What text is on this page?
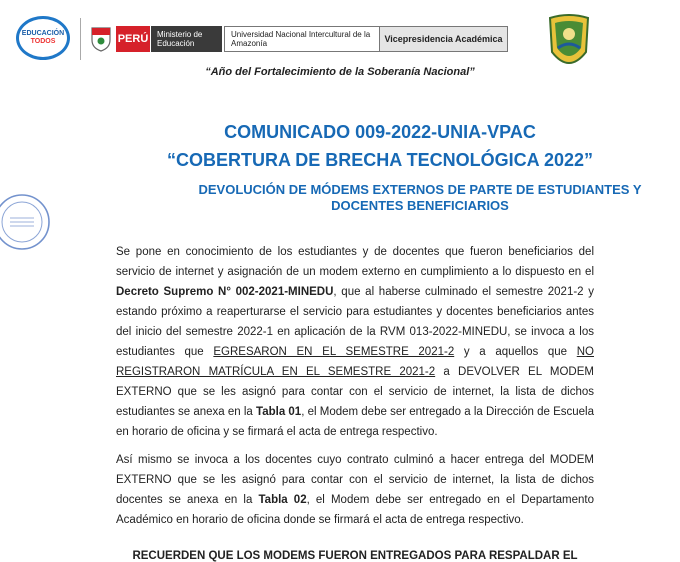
EDUCACIÓN
TODOS	PERÚ	Ministerio de Educación
Universidad Nacional Intercultural de la Amazonía	Vicepresidencia Académica
“Año del Fortalecimiento de la Soberanía Nacional”
COMUNICADO 009-2022-UNIA-VPAC
“COBERTURA DE BRECHA TECNOLÓGICA 2022”
DEVOLUCIÓN DE MÓDEMS EXTERNOS DE PARTE DE ESTUDIANTES Y DOCENTES BENEFICIARIOS
Se pone en conocimiento de los estudiantes y de docentes que fueron beneficiarios del servicio de internet y asignación de un modem externo en cumplimiento a lo dispuesto en el Decreto Supremo N° 002-2021-MINEDU, que al haberse culminado el semestre 2021-2 y estando próximo a reaperturarse el servicio para estudiantes y docentes beneficiarios antes del inicio del semestre 2022-1 en aplicación de la RVM 013-2022-MINEDU, se invoca a los estudiantes que EGRESARON EN EL SEMESTRE 2021-2 y a aquellos que NO REGISTRARON MATRÍCULA EN EL SEMESTRE 2021-2 a DEVOLVER EL MODEM EXTERNO que se les asignó para contar con el servicio de internet, la lista de dichos estudiantes se anexa en la Tabla 01, el Modem debe ser entregado a la Dirección de Escuela en horario de oficina y se firmará el acta de entrega respectivo.
Así mismo se invoca a los docentes cuyo contrato culminó a hacer entrega del MODEM EXTERNO que se les asignó para contar con el servicio de internet, la lista de dichos docentes se anexa en la Tabla 02, el Modem debe ser entregado en el Departamento Académico en horario de oficina donde se firmará el acta de entrega respectivo.
RECUERDEN QUE LOS MODEMS FUERON ENTREGADOS PARA RESPALDAR EL
